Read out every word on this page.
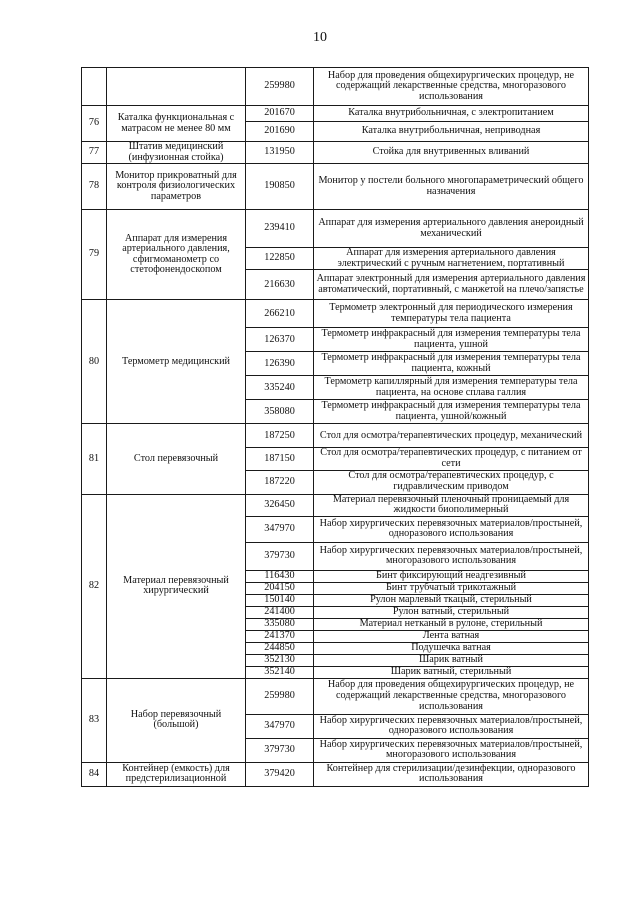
10
		259980	Набор для проведения общехирургических процедур, не содержащий лекарственные средства, многоразового использования
76	Каталка функциональная с матрасом не менее 80 мм	201670	Каталка внутрибольничная, с электропитанием
		201690	Каталка внутрибольничная, неприводная
77	Штатив медицинский (инфузионная стойка)	131950	Стойка для внутривенных вливаний
78	Монитор прикроватный для контроля физиологических параметров	190850	Монитор у постели больного многопараметрический общего назначения
79	Аппарат для измерения артериального давления, сфигмоманометр со стетофонендоскопом	239410	Аппарат для измерения артериального давления анероидный механический
		122850	Аппарат для измерения артериального давления электрический с ручным нагнетением, портативный
		216630	Аппарат электронный для измерения артериального давления автоматический, портативный, с манжетой на плечо/запястье
80	Термометр медицинский	266210	Термометр электронный для периодического измерения температуры тела пациента
		126370	Термометр инфракрасный для измерения температуры тела пациента, ушной
		126390	Термометр инфракрасный для измерения температуры тела пациента, кожный
		335240	Термометр капиллярный для измерения температуры тела пациента, на основе сплава галлия
		358080	Термометр инфракрасный для измерения температуры тела пациента, ушной/кожный
81	Стол перевязочный	187250	Стол для осмотра/терапевтических процедур, механический
		187150	Стол для осмотра/терапевтических процедур, с питанием от сети
		187220	Стол для осмотра/терапевтических процедур, с гидравлическим приводом
82	Материал перевязочный хирургический	326450	Материал перевязочный пленочный проницаемый для жидкости биополимерный
		347970	Набор хирургических перевязочных материалов/простыней, одноразового использования
		379730	Набор хирургических перевязочных материалов/простыней, многоразового использования
		116430	Бинт фиксирующий неадгезивный
		204150	Бинт трубчатый трикотажный
		150140	Рулон марлевый ткацый, стерильный
		241400	Рулон ватный, стерильный
		335080	Материал нетканый в рулоне, стерильный
		241370	Лента ватная
		244850	Подушечка ватная
		352130	Шарик ватный
		352140	Шарик ватный, стерильный
83	Набор перевязочный (большой)	259980	Набор для проведения общехирургических процедур, не содержащий лекарственные средства, многоразового использования
		347970	Набор хирургических перевязочных материалов/простыней, одноразового использования
		379730	Набор хирургических перевязочных материалов/простыней, многоразового использования
84	Контейнер (емкость) для предстерилизационной	379420	Контейнер для стерилизации/дезинфекции, одноразового использования
